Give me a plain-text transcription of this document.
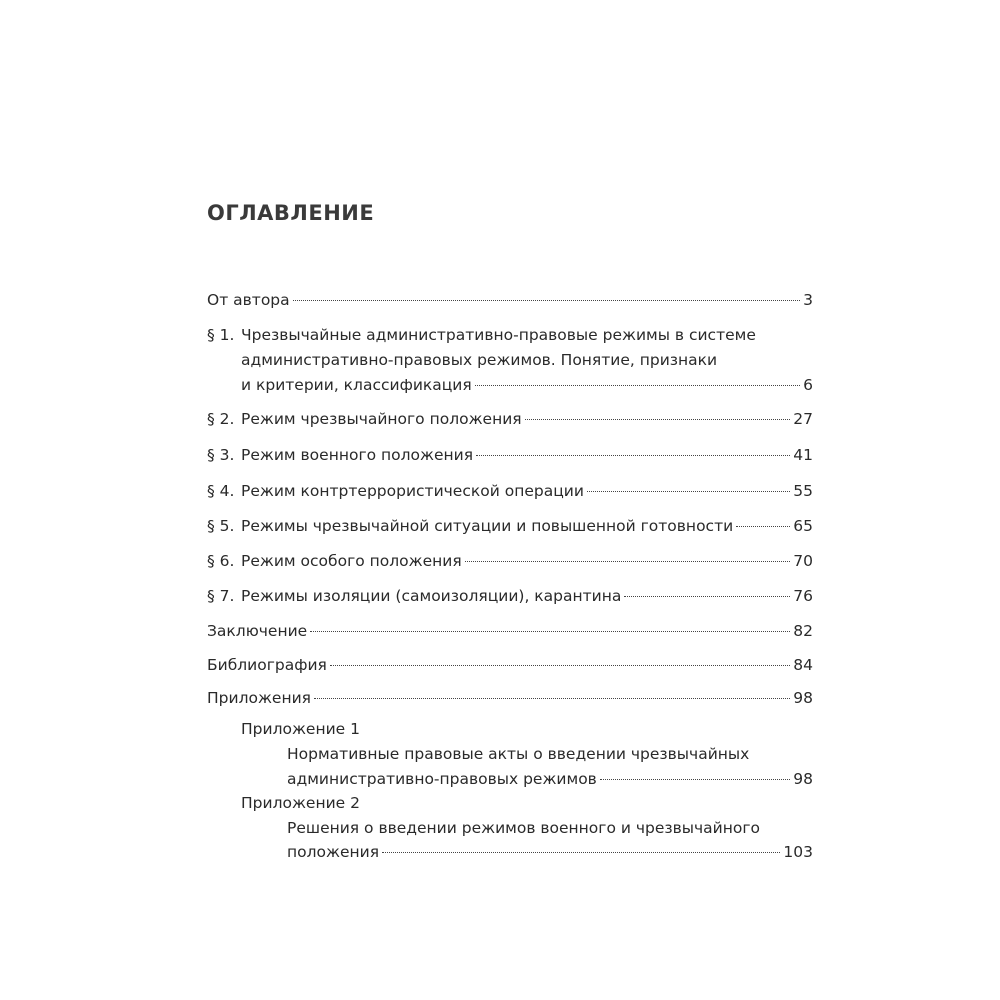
ОГЛАВЛЕНИЕ
От автора	3
§ 1. Чрезвычайные административно-правовые режимы в системе
административно-правовых режимов. Понятие, признаки
и критерии, классификация	6
§ 2. Режим чрезвычайного положения	27
§ 3. Режим военного положения	41
§ 4. Режим контртеррористической операции	55
§ 5. Режимы чрезвычайной ситуации и повышенной готовности	65
§ 6. Режим особого положения	70
§ 7. Режимы изоляции (самоизоляции), карантина	76
Заключение	82
Библиография	84
Приложения	98
Приложение 1
Нормативные правовые акты о введении чрезвычайных
административно-правовых режимов	98
Приложение 2
Решения о введении режимов военного и чрезвычайного
положения	103
